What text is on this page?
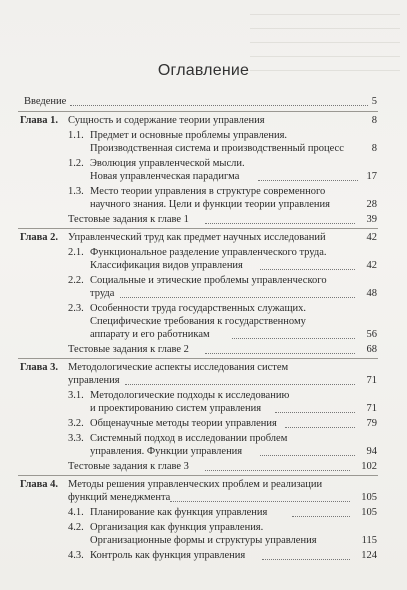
Оглавление
Введение	5
Глава 1. Сущность и содержание теории управления	8
1.1. Предмет и основные проблемы управления.
Производственная система и производственный процесс	8
1.2. Эволюция управленческой мысли.
Новая управленческая парадигма	17
1.3. Место теории управления в структуре современного
научного знания. Цели и функции теории управления	28
Тестовые задания к главе 1	39
Глава 2. Управленческий труд как предмет научных исследований	42
2.1. Функциональное разделение управленческого труда.
Классификация видов управления	42
2.2. Социальные и этические проблемы управленческого
труда	48
2.3. Особенности труда государственных служащих.
Специфические требования к государственному
аппарату и его работникам	56
Тестовые задания к главе 2	68
Глава 3. Методологические аспекты исследования систем
управления	71
3.1. Методологические подходы к исследованию
и проектированию систем управления	71
3.2. Общенаучные методы теории управления	79
3.3. Системный подход в исследовании проблем
управления. Функции управления	94
Тестовые задания к главе 3	102
Глава 4. Методы решения управленческих проблем и реализации
функций менеджмента	105
4.1. Планирование как функция управления	105
4.2. Организация как функция управления.
Организационные формы и структуры управления	115
4.3. Контроль как функция управления	124
